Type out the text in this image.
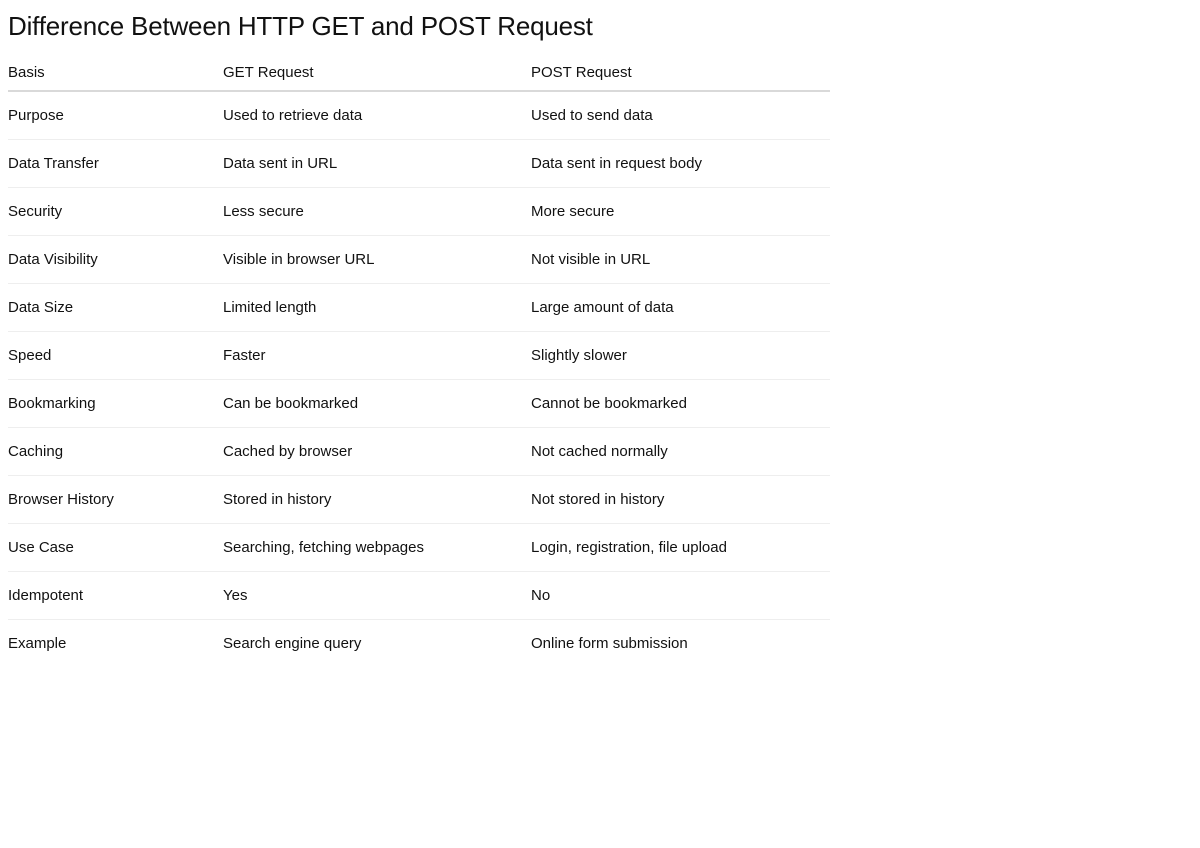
Difference Between HTTP GET and POST Request
Basis	GET Request	POST Request
Purpose	Used to retrieve data	Used to send data
Data Transfer	Data sent in URL	Data sent in request body
Security	Less secure	More secure
Data Visibility	Visible in browser URL	Not visible in URL
Data Size	Limited length	Large amount of data
Speed	Faster	Slightly slower
Bookmarking	Can be bookmarked	Cannot be bookmarked
Caching	Cached by browser	Not cached normally
Browser History	Stored in history	Not stored in history
Use Case	Searching, fetching webpages	Login, registration, file upload
Idempotent	Yes	No
Example	Search engine query	Online form submission
